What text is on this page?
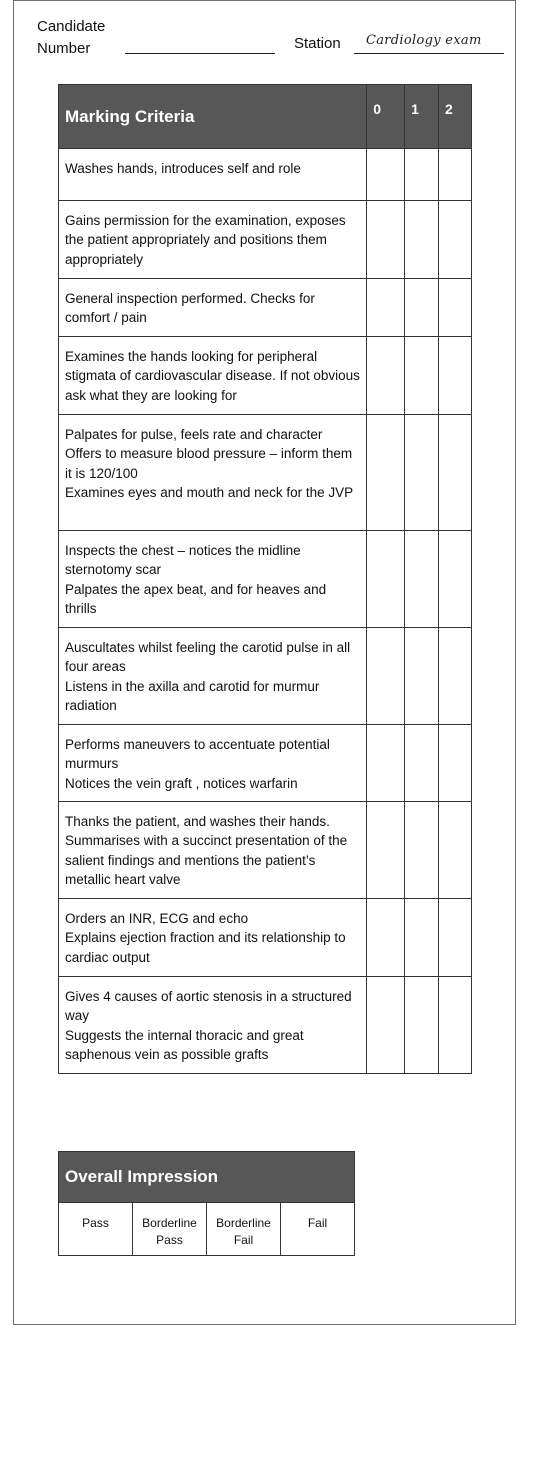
Candidate Number	Station Cardiology exam
Marking Criteria	0	1	2

Washes hands, introduces self and role			

Gains permission for the examination, exposes the patient appropriately and positions them appropriately			

General inspection performed. Checks for comfort / pain			

Examines the hands looking for peripheral stigmata of cardiovascular disease. If not obvious ask what they are looking for			

Palpates for pulse, feels rate and character
Offers to measure blood pressure – inform them it is 120/100
Examines eyes and mouth and neck for the JVP			

Inspects the chest – notices the midline sternotomy scar
Palpates the apex beat, and for heaves and thrills			

Auscultates whilst feeling the carotid pulse in all four areas
Listens in the axilla and carotid for murmur radiation			

Performs maneuvers to accentuate potential murmurs
Notices the vein graft , notices warfarin			

Thanks the patient, and washes their hands. Summarises with a succinct presentation of the salient findings and mentions the patient’s metallic heart valve			

Orders an INR, ECG and echo
Explains ejection fraction and its relationship to cardiac output			

Gives 4 causes of aortic stenosis in a structured way
Suggests the internal thoracic and great saphenous vein as possible grafts			

Overall Impression
Pass	Borderline Pass	Borderline Fail	Fail
